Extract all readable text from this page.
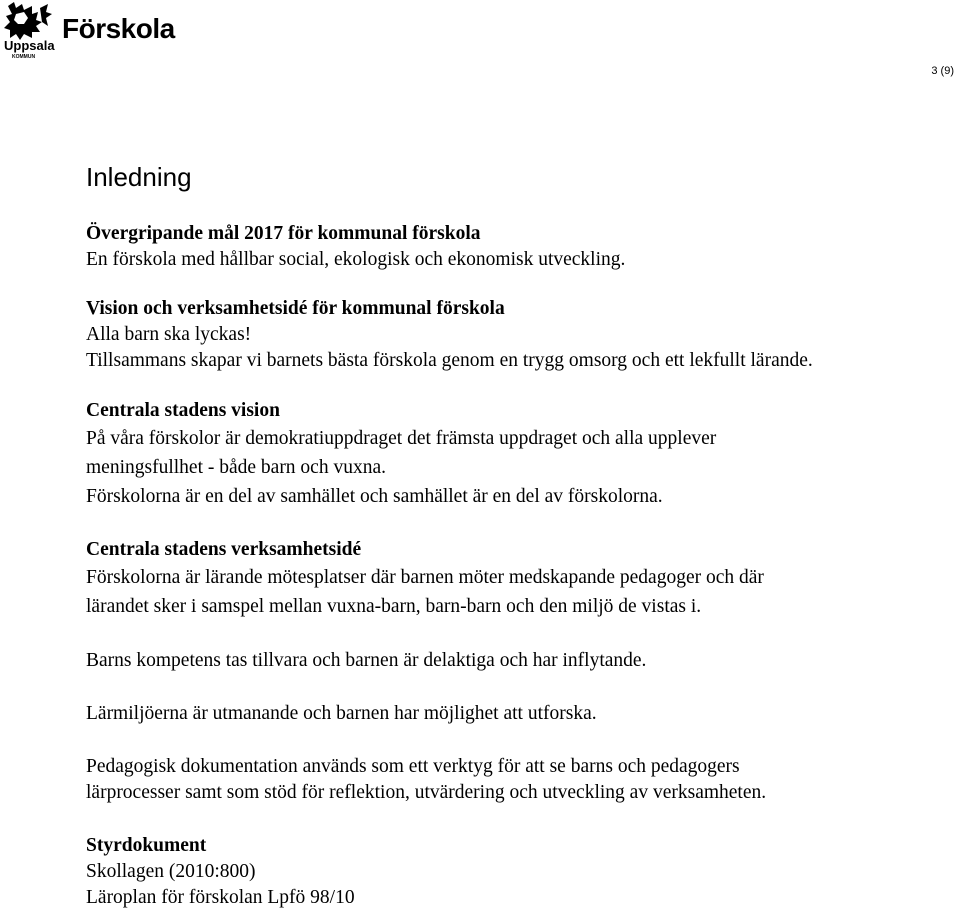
Uppsala
KOMMUN
Förskola
3 (9)
Inledning
Övergripande mål 2017 för kommunal förskola
En förskola med hållbar social, ekologisk och ekonomisk utveckling.
Vision och verksamhetsidé för kommunal förskola
Alla barn ska lyckas!
Tillsammans skapar vi barnets bästa förskola genom en trygg omsorg och ett lekfullt lärande.
Centrala stadens vision
På våra förskolor är demokratiuppdraget det främsta uppdraget och alla upplever
meningsfullhet - både barn och vuxna.
Förskolorna är en del av samhället och samhället är en del av förskolorna.
Centrala stadens verksamhetsidé
Förskolorna är lärande mötesplatser där barnen möter medskapande pedagoger och där
lärandet sker i samspel mellan vuxna-barn, barn-barn och den miljö de vistas i.
Barns kompetens tas tillvara och barnen är delaktiga och har inflytande.
Lärmiljöerna är utmanande och barnen har möjlighet att utforska.
Pedagogisk dokumentation används som ett verktyg för att se barns och pedagogers
lärprocesser samt som stöd för reflektion, utvärdering och utveckling av verksamheten.
Styrdokument
Skollagen (2010:800)
Läroplan för förskolan Lpfö 98/10
